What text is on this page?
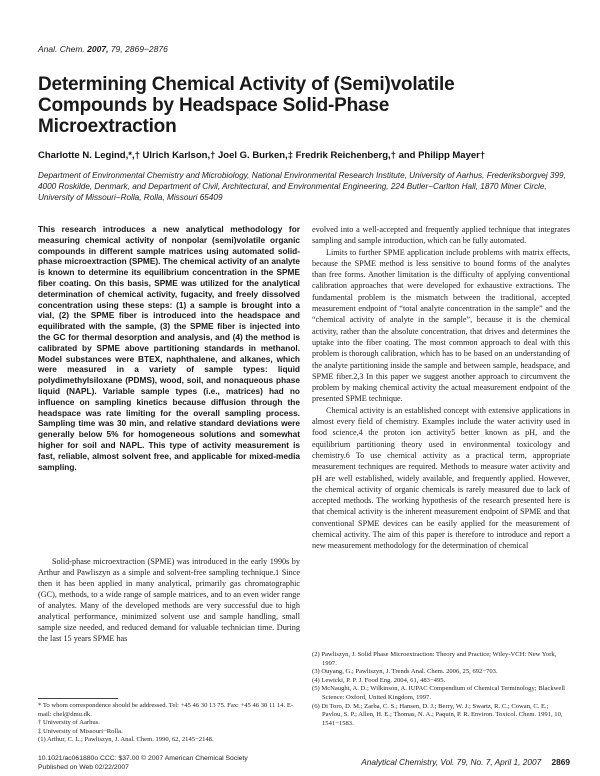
Anal. Chem. 2007, 79, 2869−2876
Determining Chemical Activity of (Semi)volatile Compounds by Headspace Solid-Phase Microextraction
Charlotte N. Legind,*,† Ulrich Karlson,† Joel G. Burken,‡ Fredrik Reichenberg,† and Philipp Mayer†
Department of Environmental Chemistry and Microbiology, National Environmental Research Institute, University of Aarhus, Frederiksborgvej 399, 4000 Roskilde, Denmark, and Department of Civil, Architectural, and Environmental Engineering, 224 Butler−Carlton Hall, 1870 Miner Circle, University of Missouri−Rolla, Rolla, Missouri 65409
This research introduces a new analytical methodology for measuring chemical activity of nonpolar (semi)volatile organic compounds in different sample matrices using automated solid-phase microextraction (SPME). The chemical activity of an analyte is known to determine its equilibrium concentration in the SPME fiber coating. On this basis, SPME was utilized for the analytical determination of chemical activity, fugacity, and freely dissolved concentration using these steps: (1) a sample is brought into a vial, (2) the SPME fiber is introduced into the headspace and equilibrated with the sample, (3) the SPME fiber is injected into the GC for thermal desorption and analysis, and (4) the method is calibrated by SPME above partitioning standards in methanol. Model substances were BTEX, naphthalene, and alkanes, which were measured in a variety of sample types: liquid polydimethylsiloxane (PDMS), wood, soil, and nonaqueous phase liquid (NAPL). Variable sample types (i.e., matrices) had no influence on sampling kinetics because diffusion through the headspace was rate limiting for the overall sampling process. Sampling time was 30 min, and relative standard deviations were generally below 5% for homogeneous solutions and somewhat higher for soil and NAPL. This type of activity measurement is fast, reliable, almost solvent free, and applicable for mixed-media sampling.

Solid-phase microextraction (SPME) was introduced in the early 1990s by Arthur and Pawliszyn as a simple and solvent-free sampling technique.1 Since then it has been applied in many analytical, primarily gas chromatographic (GC), methods, to a wide range of sample matrices, and to an even wider range of analytes. Many of the developed methods are very successful due to high analytical performance, minimized solvent use and sample handling, small sample size needed, and reduced demand for valuable technician time. During the last 15 years SPME has

* To whom correspondence should be addressed. Tel: +45 46 30 13 75. Fax: +45 46 30 11 14. E-mail: chel@dmu.dk.

† University of Aarhus.

‡ University of Missouri−Rolla.

(1) Arthur, C. L.; Pawliszyn, J. Anal. Chem. 1990, 62, 2145−2148.

evolved into a well-accepted and frequently applied technique that integrates sampling and sample introduction, which can be fully automated.

Limits to further SPME application include problems with matrix effects, because the SPME method is less sensitive to bound forms of the analytes than free forms. Another limitation is the difficulty of applying conventional calibration approaches that were developed for exhaustive extractions. The fundamental problem is the mismatch between the traditional, accepted measurement endpoint of “total analyte concentration in the sample” and the “chemical activity of analyte in the sample”, because it is the chemical activity, rather than the absolute concentration, that drives and determines the uptake into the fiber coating. The most common approach to deal with this problem is thorough calibration, which has to be based on an understanding of the analyte partitioning inside the sample and between sample, headspace, and SPME fiber.2,3 In this paper we suggest another approach to circumvent the problem by making chemical activity the actual measurement endpoint of the presented SPME technique.

Chemical activity is an established concept with extensive applications in almost every field of chemistry. Examples include the water activity used in food science,4 the proton ion activity5 better known as pH, and the equilibrium partitioning theory used in environmental toxicology and chemistry.6 To use chemical activity as a practical term, appropriate measurement techniques are required. Methods to measure water activity and pH are well established, widely available, and frequently applied. However, the chemical activity of organic chemicals is rarely measured due to lack of accepted methods. The working hypothesis of the research presented here is that chemical activity is the inherent measurement endpoint of SPME and that conventional SPME devices can be easily applied for the measurement of chemical activity. The aim of this paper is therefore to introduce and report a new measurement methodology for the determination of chemical

(2) Pawliszyn, J. Solid Phase Microextraction: Theory and Practice; Wiley-VCH: New York, 1997.

(3) Ouyang, G.; Pawliszyn, J. Trends Anal. Chem. 2006, 25, 692−703.

(4) Lewicki, P. P. J. Food Eng. 2004, 61, 483−495.

(5) McNaught, A. D.; Wilkinson, A. IUPAC Compendium of Chemical Terminology; Blackwell Science: Oxford, United Kingdom, 1997.

(6) Di Toro, D. M.; Zarba, C. S.; Hansen, D. J.; Berry, W. J.; Swartz, R. C.; Cowan, C. E.; Pavlou, S. P.; Allen, H. E.; Thomas, N. A.; Paquin, P. R. Environ. Toxicol. Chem. 1991, 10, 1541−1583.

10.1021/ac061880o CCC: $37.00 © 2007 American Chemical Society
Published on Web 02/22/2007	Analytical Chemistry, Vol. 79, No. 7, April 1, 2007 2869
